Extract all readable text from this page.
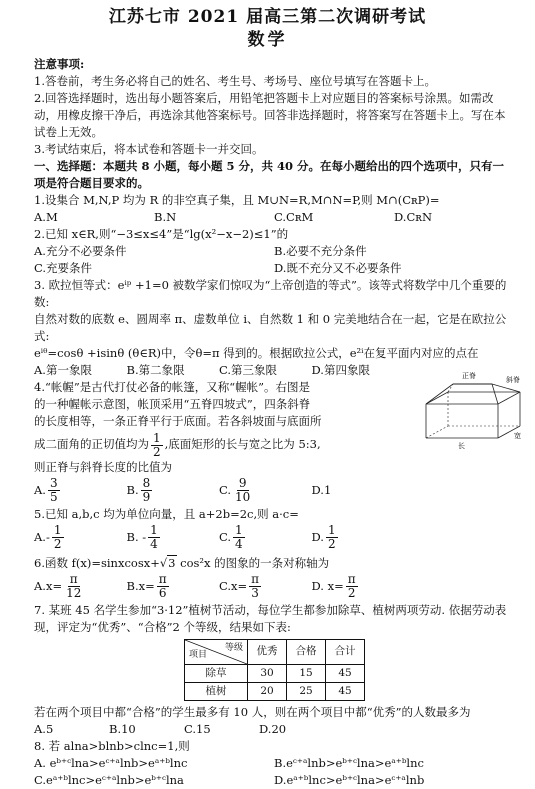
江苏七市 2021 届高三第二次调研考试
数学

注意事项:

1.答卷前，考生务必将自己的姓名、考生号、考场号、座位号填写在答题卡上。

2.回答选择题时，选出每小题答案后，用铅笔把答题卡上对应题目的答案标号涂黑。如需改动，用橡皮擦干净后，再选涂其他答案标号。回答非选择题时，将答案写在答题卡上。写在本试卷上无效。

3.考试结束后，将本试卷和答题卡一并交回。

一、选择题：本题共 8 小题，每小题 5 分，共 40 分。在每小题给出的四个选项中，只有一项是符合题目要求的。

1.设集合 M,N,P 均为 R 的非空真子集，且 M∪N=R,M∩N=P,则 M∩(CʀP)=

A.M	B.N	C.CʀM	D.CʀN

2.已知 x∈R,则“−3≤x≤4”是“lg(x²−x−2)≤1”的

A.充分不必要条件	B.必要不充分条件
C.充要条件	D.既不充分又不必要条件

3. 欧拉恒等式：eⁱᵖ +1=0 被数学家们惊叹为“上帝创造的等式”。该等式将数学中几个重要的数:

自然对数的底数 e、圆周率 π、虚数单位 i、自然数 1 和 0 完美地结合在一起，它是在欧拉公式:

eⁱᶿ=cosθ +isinθ (θ∈R)中，令θ=π 得到的。根据欧拉公式，e²ⁱ在复平面内对应的点在

A.第一象限	B.第二象限	C.第三象限	D.第四象限

4.“帐幄”是古代打仗必备的帐篷，又称“幄帐”。右图是

的一种幄帐示意图，帐顶采用“五脊四坡式”，四条斜脊

的长度相等，一条正脊平行于底面。若各斜坡面与底面所

正脊	斜脊
宽
长

成二面角的正切值均为 $\frac{1}{2}$ ,底面矩形的长与宽之比为 5:3,

则正脊与斜脊长度的比值为

A. $\frac{3}{5}$	B. $\frac{8}{9}$	C. $\frac{9}{10}$	D. 1

5.已知 a,b,c 均为单位向量，且 a+2b=2c,则 a·c=

$A.- \frac{1}{2}$	B. - $\frac{1}{4}$	C. $\frac{1}{4}$	D. $\frac{1}{2}$

6.函数 f(x)=sinxcosx+√3 cos²x 的图象的一条对称轴为

$A.x= \frac{\pi}{12}$	$B.x= \frac{\pi}{6}$	$C.x= \frac{\pi}{3}$	D. $x= \frac{\pi}{2}$

7. 某班 45 名学生参加“3·12”植树节活动，每位学生都参加除草、植树两项劳动. 依据劳动表

现，评定为“优秀”、“合格”2 个等级，结果如下表:

等级
项目	优秀	合格	合计
除草	30	15	45
植树	20	25	45

若在两个项目中都“合格”的学生最多有 10 人，则在两个项目中都“优秀”的人数最多为

A.5	B.10	C.15	D.20

8. 若 alna>blnb>clnc=1,则

A. eᵇ⁺ᶜlna>eᶜ⁺ᵃlnb>eᵃ⁺ᵇlnc	B.eᶜ⁺ᵃlnb>eᵇ⁺ᶜlna>eᵃ⁺ᵇlnc
C.eᵃ⁺ᵇlnc>eᶜ⁺ᵃlnb>eᵇ⁺ᶜlna	D.eᵃ⁺ᵇlnc>eᵇ⁺ᶜlna>eᶜ⁺ᵃlnb
